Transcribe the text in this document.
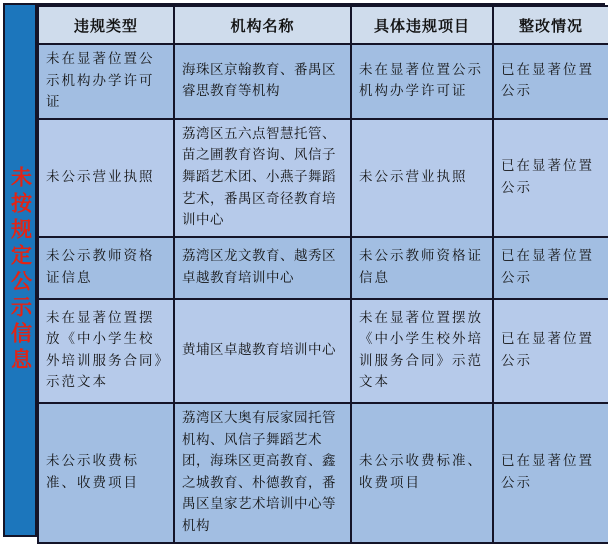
未按规定公示信息
违规类型	机构名称	具体违规项目	整改情况
未在显著位置公示机构办学许可证	海珠区京翰教育、番禺区睿思教育等机构	未在显著位置公示机构办学许可证	已在显著位置公示
未公示营业执照	荔湾区五六点智慧托管、苗之圃教育咨询、风信子舞蹈艺术团、小燕子舞蹈艺术，番禺区奇径教育培训中心	未公示营业执照	已在显著位置公示
未公示教师资格证信息	荔湾区龙文教育、越秀区卓越教育培训中心	未公示教师资格证信息	已在显著位置公示
未在显著位置摆放《中小学生校外培训服务合同》示范文本	黄埔区卓越教育培训中心	未在显著位置摆放《中小学生校外培训服务合同》示范文本	已在显著位置公示
未公示收费标准、收费项目	荔湾区大奥有辰家园托管机构、风信子舞蹈艺术团，海珠区更高教育、鑫之城教育、朴德教育，番禺区皇家艺术培训中心等机构	未公示收费标准、收费项目	已在显著位置公示
